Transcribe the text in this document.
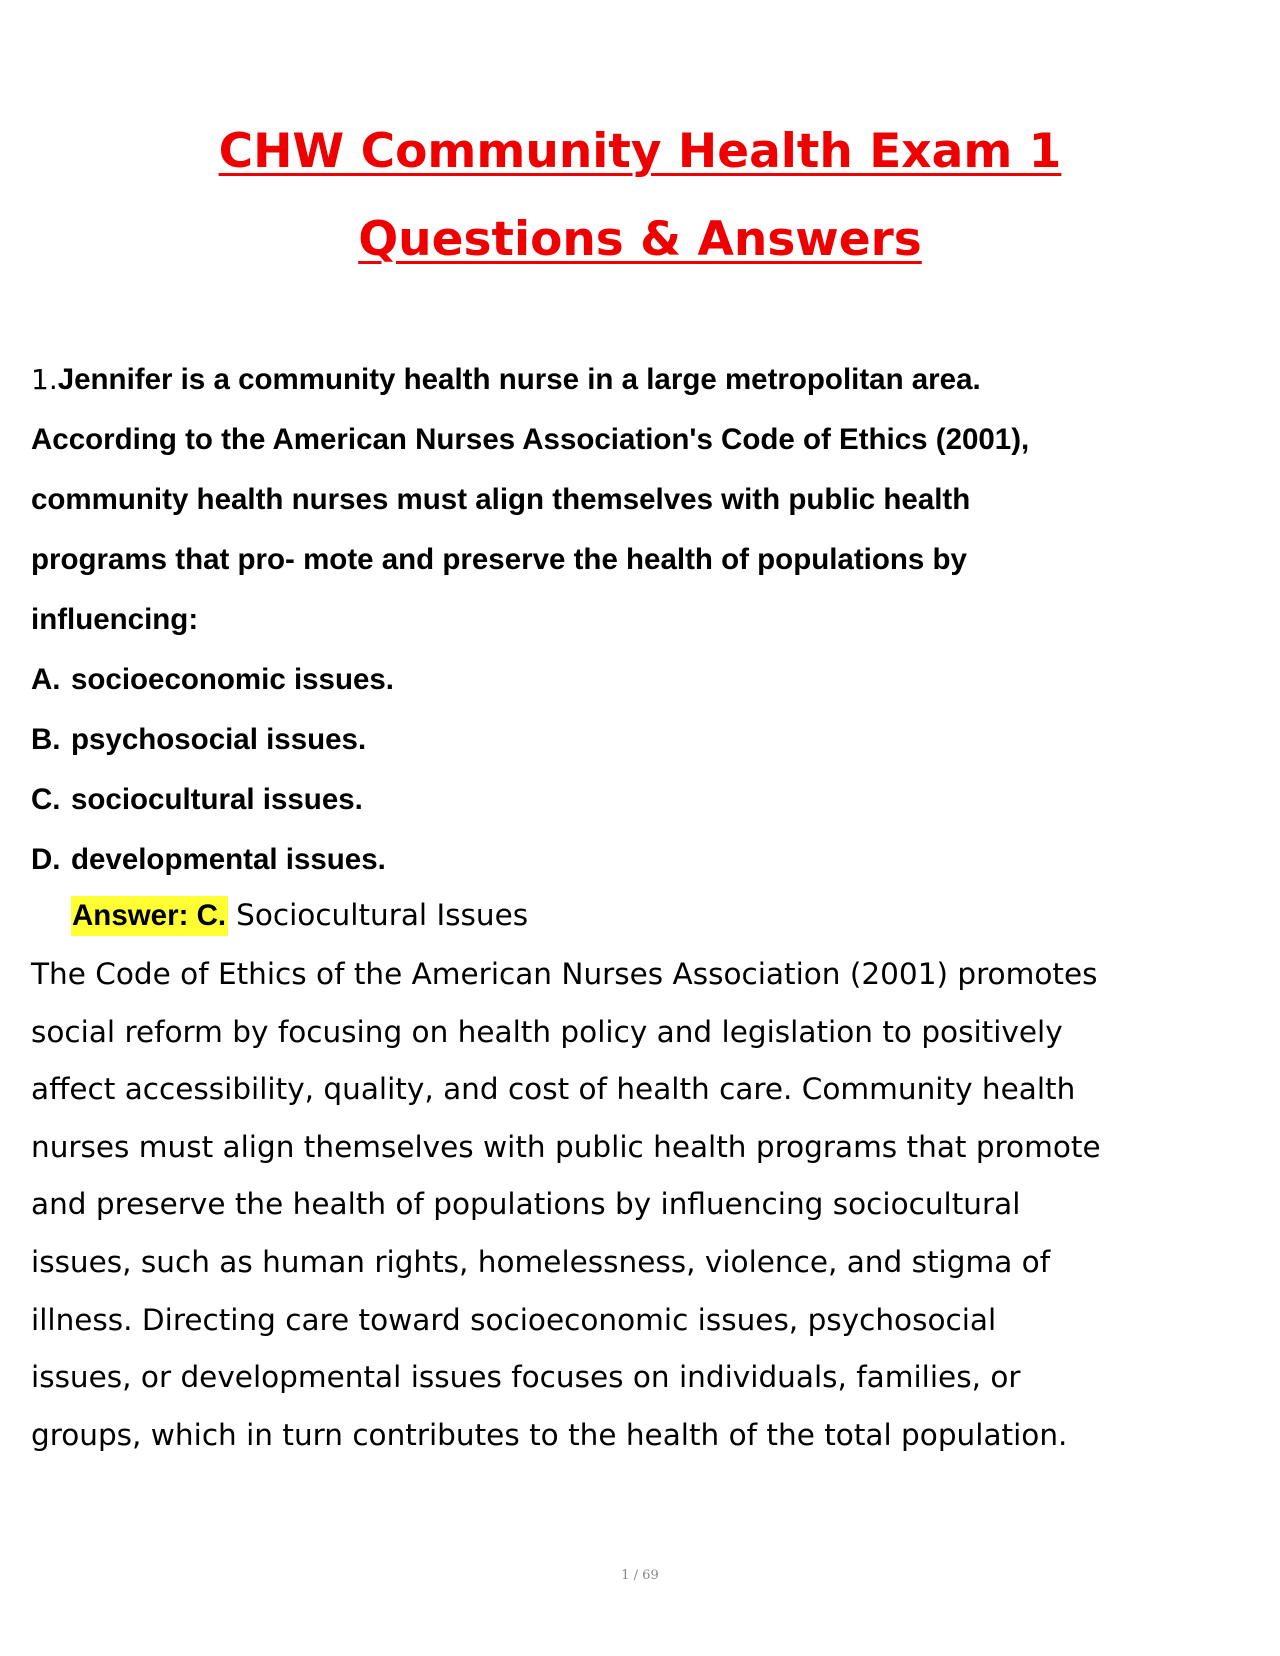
CHW Community Health Exam 1
Questions & Answers
1.Jennifer is a community health nurse in a large metropolitan area.
According to the American Nurses Association's Code of Ethics (2001),
community health nurses must align themselves with public health
programs that pro- mote and preserve the health of populations by
influencing:
A. socioeconomic issues.
B. psychosocial issues.
C. sociocultural issues.
D. developmental issues.
Answer: C. Sociocultural Issues
The Code of Ethics of the American Nurses Association (2001) promotes
social reform by focusing on health policy and legislation to positively
affect accessibility, quality, and cost of health care. Community health
nurses must align themselves with public health programs that promote
and preserve the health of populations by influencing sociocultural
issues, such as human rights, homelessness, violence, and stigma of
illness. Directing care toward socioeconomic issues, psychosocial
issues, or developmental issues focuses on individuals, families, or
groups, which in turn contributes to the health of the total population.
1 / 69
